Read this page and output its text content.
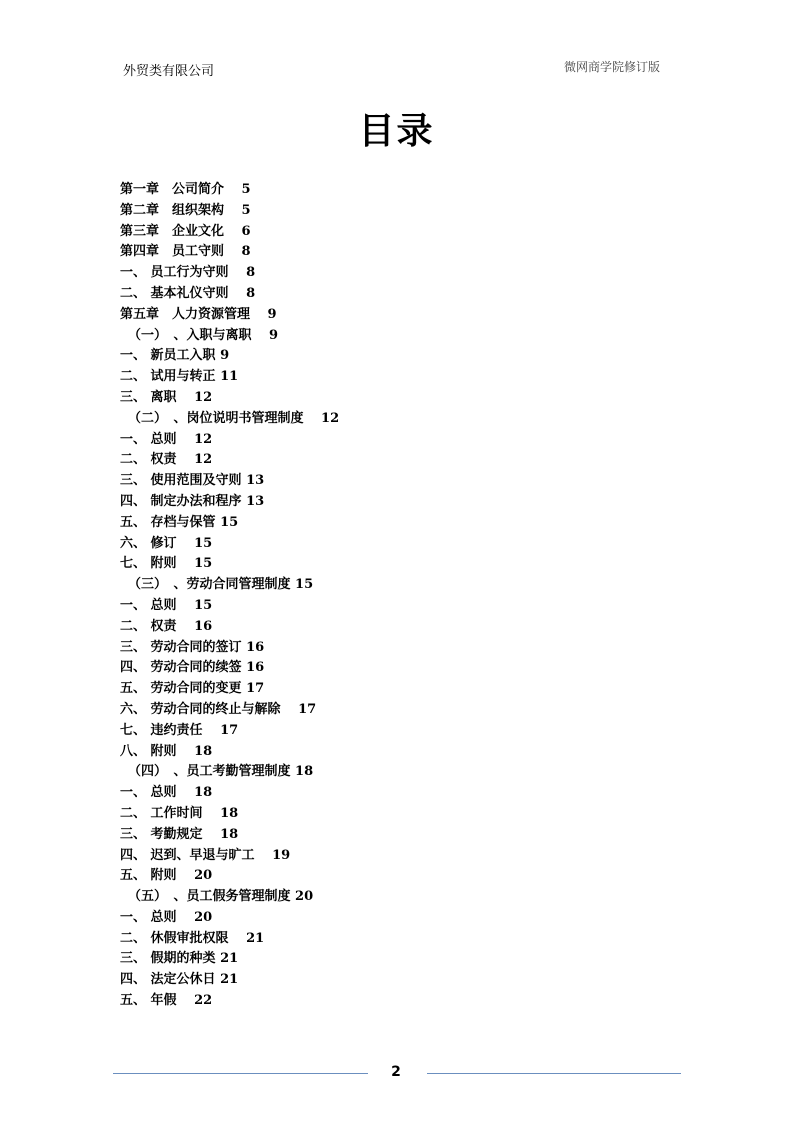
外贸类有限公司	微网商学院修订版
目录
第一章　公司简介　 5
第二章　组织架构　 5
第三章　企业文化　 6
第四章　员工守则　 8
一、 员工行为守则　 8
二、 基本礼仪守则　 8
第五章　人力资源管理　 9
（一）　、入职与离职　 9
一、 新员工入职 9
二、 试用与转正 11
三、 离职　 12
（二）　、岗位说明书管理制度　 12
一、 总则　 12
二、 权责　 12
三、 使用范围及守则 13
四、 制定办法和程序 13
五、 存档与保管 15
六、 修订　 15
七、 附则　 15
（三）　、劳动合同管理制度 15
一、 总则　 15
二、 权责　 16
三、 劳动合同的签订 16
四、 劳动合同的续签 16
五、 劳动合同的变更 17
六、 劳动合同的终止与解除　 17
七、 违约责任　 17
八、 附则　 18
（四）　、员工考勤管理制度 18
一、 总则　 18
二、 工作时间　 18
三、 考勤规定　 18
四、 迟到、早退与旷工　 19
五、 附则　 20
（五）　、员工假务管理制度 20
一、 总则　 20
二、 休假审批权限　 21
三、 假期的种类 21
四、 法定公休日 21
五、 年假　 22
2
